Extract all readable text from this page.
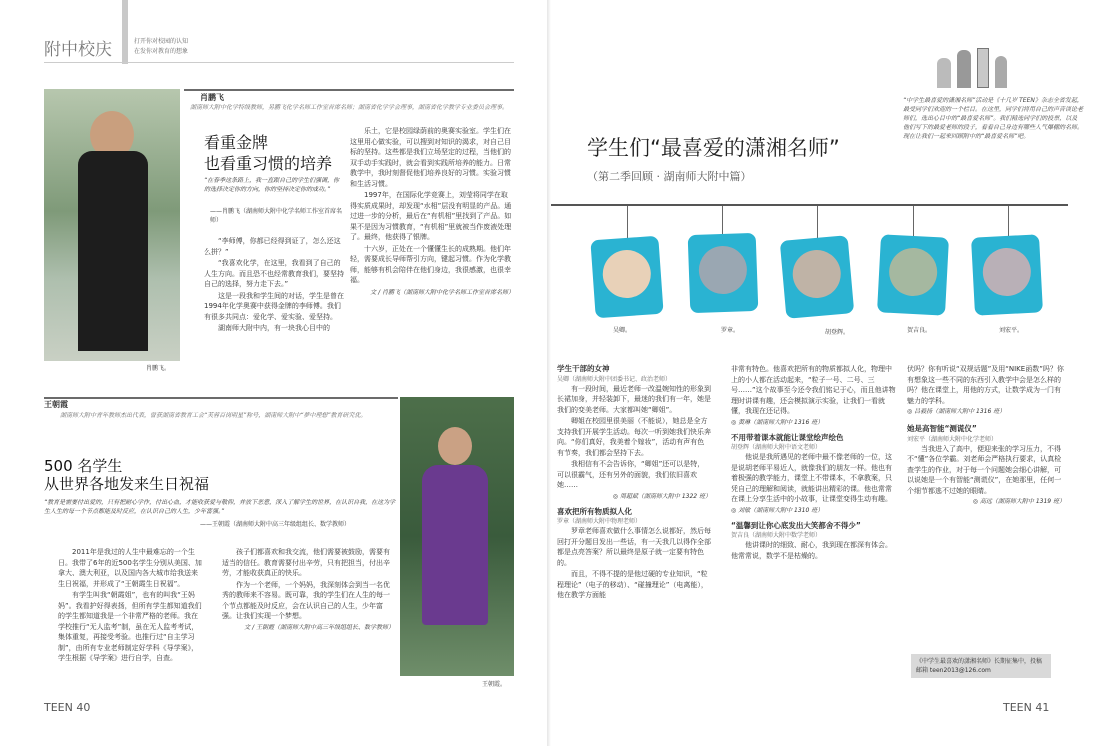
附中校庆	打开你对校园的认知
在发你对教育的想象
肖鹏飞。
肖鹏飞
湖南师大附中化学特级教师，另鹏飞化学名师工作室首席名师；湖南省化学学会理事，湖南省化学教学专业委员会理事。
看重金牌
也看重习惯的培养
“在春季这条路上，我一直跟自己的学生们强调，你的选择决定你的方向，你的坚持决定你的成功。”
——肖鹏飞（湖南师大附中化学名师工作室首席名师）

“李师傅，你都已经得到证了，怎么还这么拼？”

“我喜欢化学，在这里，我看到了自己的人生方向。而且恐不也经常教育我们，要坚持自己的选择，努力走下去。”

这是一段我和学生间的对话，学生是曾在1994年化学奥赛中获得金牌的李师傅。我们有很多共同点：爱化学、爱实验、爱坚持。

湖南师大附中内，有一块我心目中的

乐土，它是校园绿荫前的奥赛实验室。学生们在这里用心做实验，可以搜到对知识的渴求，对自己目标的坚持。这些都是我们立场坚定的过程，当他们的双手动手实践时，就会看到实践所培养的能力。日常教学中，我时刻督促他们培养良好的习惯。实验习惯和生活习惯。

1997年，在国际化学竞赛上，刘莹将同学在取得实质成果时，却发现“水相”层没有明显的产品。通过进一步的分析，最后在“有机相”里找到了产品。如果不是因为习惯教育，“有机相”里就被当作废液处理了。最终，他获得了银牌。

十六岁，正处在一个懂懂生长的成熟期。他们年轻，需要成长导师帮引方向，键起习惯。作为化学教师，能够有机会陪伴在他们身边，我很感激，也很幸福。

文 / 肖鹏飞（湖南师大附中化学名师工作室首席名师）
王朝霞
湖南师大附中青年教师杰出代表，曾获湖南省教育工会“芙蓉百岗明星”称号，湖南师大附中“夢中理想”教育研究优。
500 名学生
从世界各地发来生日祝福
“教育是需要付出爱的，只有把耐心学作，付出心血，才能收获爱与敬仰，并放下恶意，深入了解学生的世界，在认识自我，在这为学生人生的每一个节点都能及时反应，在认识自己的人生，少年富强。”
——王朝霞（湖南师大附中高三年级组组长、数学教师）
王朝霞。

2011年是我过的人生中最难忘的一个生日。我带了6年的近500名学生分别从美国、加拿大、澳大利亚，以及国内各大城市给我送来生日祝福，并形成了“王朝霞生日祝福”。

有学生叫我“朝霞姐”，也有的叫我“王妈妈”。我看护好得表扬，但所有学生都知道我们的学生都知道我是一个非常严格的老师。我在学校推行“无人监考”制，虽在无人监考考试，集体重复，再接受考验。也推行过“自主学习制”，由所有专业老师制定好学科《导学案》，学生根据《导学案》进行自学，自查。

孩子们都喜欢和我交流，他们需要被鼓励，需要有适当的信任。教育需要付出辛劳，只有把担当，付出辛劳，才能收获真正的快乐。

作为一个老师，一个妈妈，我深刻体会到当一名优秀的教师来不容易。既可靠，我的学生们在人生的每一个节点都能及时反应，会在认识自己的人生，少年富强。让我们实现一个梦想。

文 / 王朝霞（湖南师大附中高三年级组组长、数学教师）
TEEN 40
“中学生最喜爱的潇湘名师”活动是《十几岁 TEEN》杂志全省发起，最受同学们欢迎的一个栏目。在这里，同学们将用自己的声音谈论老师们，选出心目中的“最喜爱名师”。我们精选同学们的投票，以及他们写下的最爱老师的段子，看看自己身边有哪些人气爆棚的名师。现在让我们一起来回顾附中的“最喜爱名师”吧。
学生们“最喜爱的潇湘名师”
（第二季回顾 · 湖南师大附中篇）
吴卿。	罗章。	胡登辉。	贺吉良。	刘宏平。
学生干部的女神
吴卿（湖南师大附中团委书记、政治老师）

有一段时间，最近老师一改温婉知性的形象到长裙加身，并轻装卸下，最迷的我们有一年，她是我们的变美老师。大家都叫她“卿姐”。

卿姐在校园里很美丽（不能说），她总是全方支持我们开展学生活动。每次一听到她我们快乐奔向。“你们真好，我美着个嫁妆”，活动有声有色有节奏，我们都会坚持下去。

我相信有不会告诉你，“卿姐”还可以是特，可以很霸气，还有另外的面貌，我们依旧喜欢她……

◎ 周超斌（湖南师大附中 1322 班）
喜欢把所有物质拟人化
罗章（湖南师大附中物理老师）

罗章老师喜欢做什么事情怎么说都好，然后每回打开分题目发出一些话，有一天我几以得作全部都是点亮答案？所以最终是原子就一定要有特色的。

而且，不得不提的是他过硬的专业知识，“粒程理论”（电子的移动）、“碰撞理论”（电离能），他在教学方面能

非常有特色。他喜欢把所有的物质都拟人化，物理中上的小人都在活动起来，“粒子一号、二号、三号……”这个故事至今还令我们铭记于心，而且他讲物理时讲课有趣，还会模拟演示实验，让我们一看就懂，我现在还记得。

◎ 黄琳（湖南师大附中 1316 班）
不用带着课本就能让课堂绘声绘色
胡登辉（湖南师大附中语文老师）

他说是我所遇见的老师中最不像老师的一位，这是说胡老师平易近人，就像我们的朋友一样。他也有着极强的教学能力，课堂上不带课本，不拿教案，只凭自己的理解和阅读，就能讲出精彩的课。他也常常在课上分享生活中的小故事，让课堂变得生动有趣。

◎ 刘敏（湖南师大附中 1310 班）
“温馨到让你心底发出大笑都舍不得少”
贺吉良（湖南师大附中数学老师）

他讲课时的细致、耐心，我到现在都深有体会。他常常说，数学不是枯燥的。

伏吗？你有听说“双规话题”及用“NIKE函数”吗？你有想象这一些不同的东西引入教学中会是怎么样的吗？他在课堂上，用他的方式，让数学成为一门有魅力的学科。

◎ 吕毅扬（湖南师大附中 1316 班）
她是高智能“测谎仪”
刘宏平（湖南师大附中化学老师）

当我进入了高中，便迎来张的学习压力，不得不“懂”各位学霸。刘老师会严格执行要求，认真检查学生的作业，对于每一个问题她会细心讲解，可以说她是一个有智能“测谎仪”，在她那里，任何一个细节都逃不过她的眼睛。

◎ 高远（湖南师大附中 1319 班）
《中学生最喜欢的潇湘名师》长期征集中，投稿邮箱 teen2013@126.com
TEEN 41
